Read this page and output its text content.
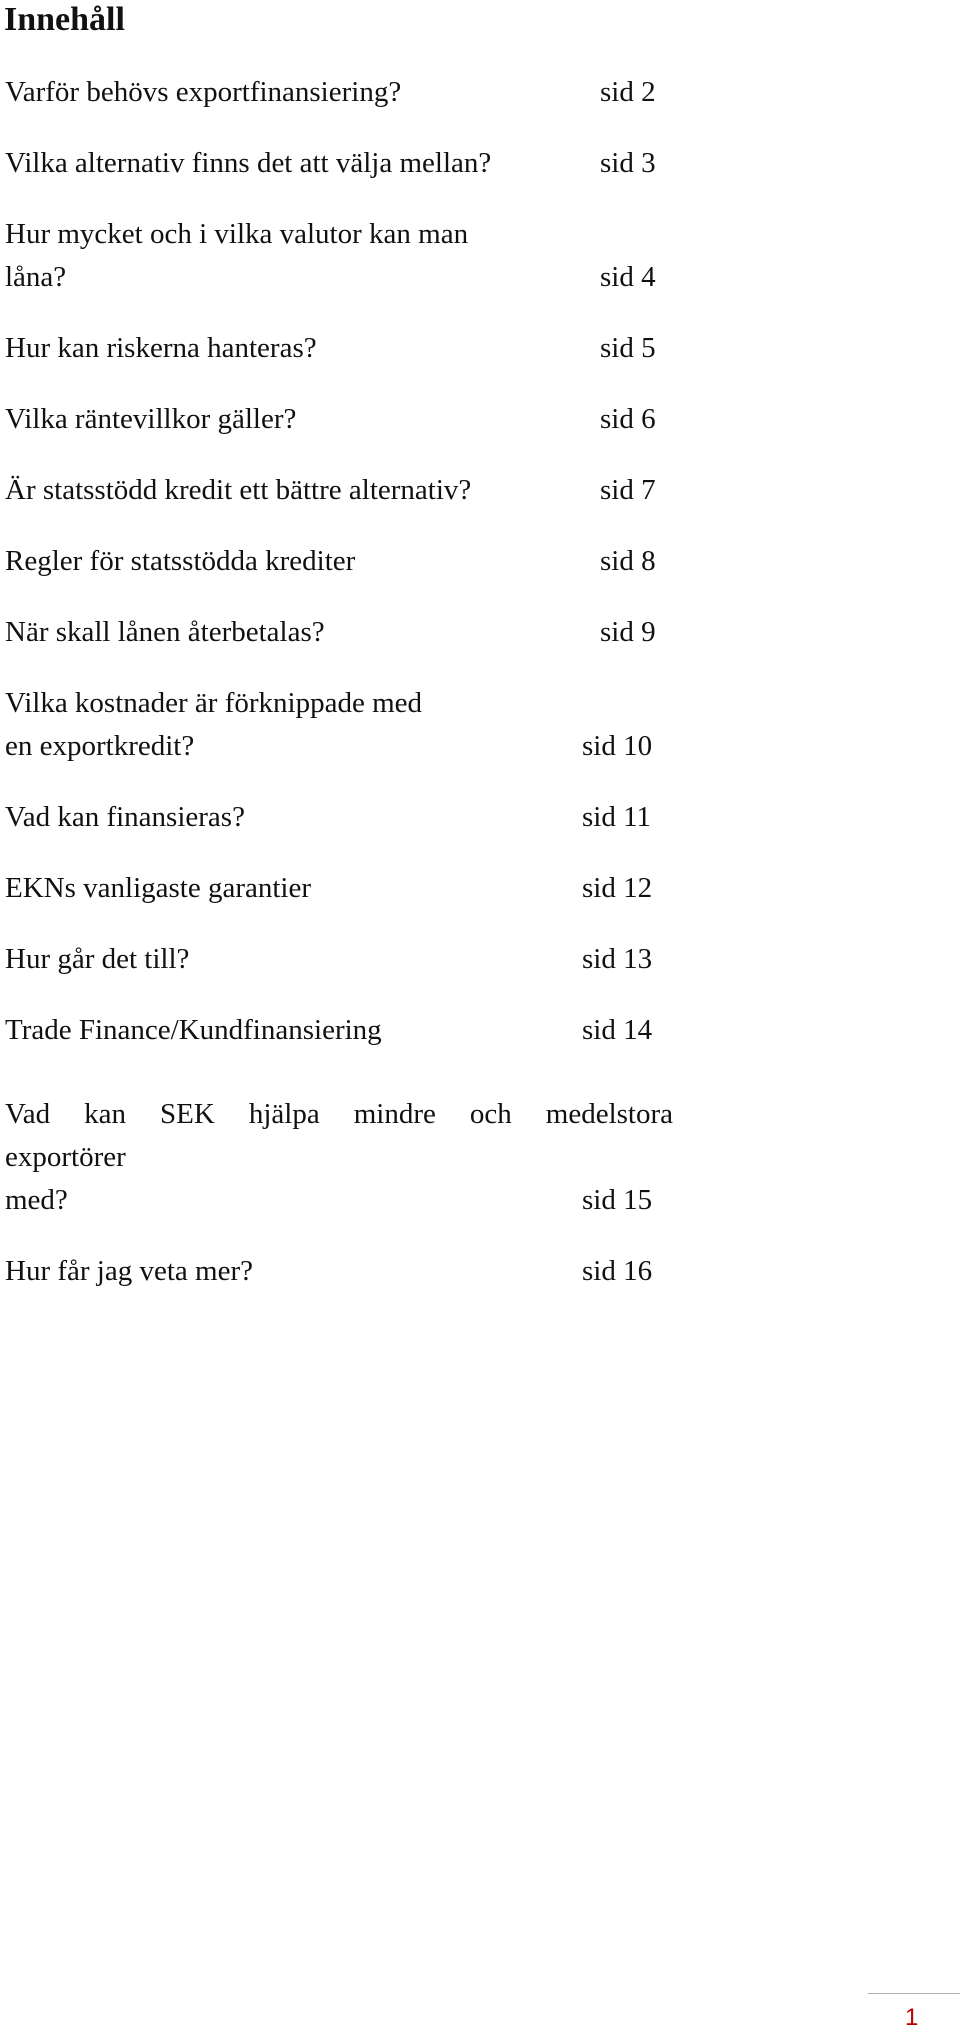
Innehåll
Varför behövs exportfinansiering?	sid 2
Vilka alternativ finns det att välja mellan?	sid 3
Hur mycket och i vilka valutor kan man
låna?	sid 4
Hur kan riskerna hanteras?	sid 5
Vilka räntevillkor gäller?	sid 6
Är statsstödd kredit ett bättre alternativ?	sid 7
Regler för statsstödda krediter	sid 8
När skall lånen återbetalas?	sid 9
Vilka kostnader är förknippade med
en exportkredit?	sid 10
Vad kan finansieras?	sid 11
EKNs vanligaste garantier	sid 12
Hur går det till?	sid 13
Trade Finance/Kundfinansiering	sid 14
Vad kan SEK hjälpa mindre och medelstora
exportörer
med?	sid 15
Hur får jag veta mer?	sid 16
1
